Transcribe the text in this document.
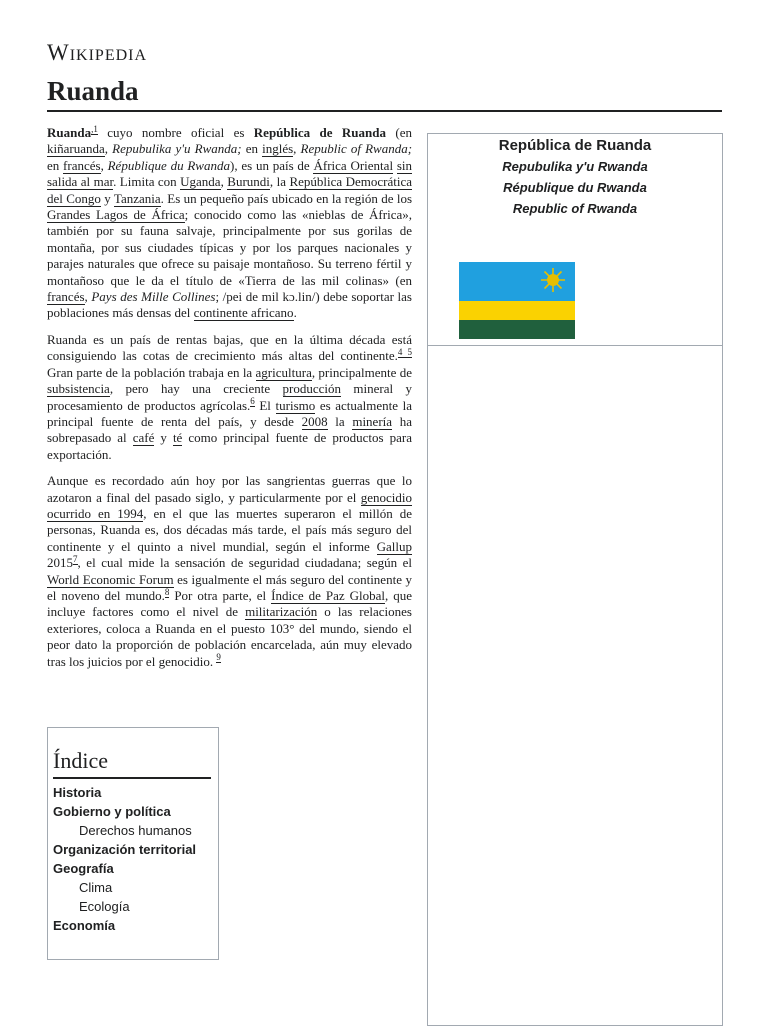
Wikipedia
Ruanda

Ruanda$^{,1}$ cuyo nombre oficial es República de Ruanda (en kiñaruanda, Repubulika y'u Rwanda; en inglés, Republic of Rwanda; en francés, République du Rwanda), es un país de África Oriental sin salida al mar. Limita con Uganda, Burundi, la República Democrática del Congo y Tanzania. Es un pequeño país ubicado en la región de los Grandes Lagos de África; conocido como las «nieblas de África», también por su fauna salvaje, principalmente por sus gorilas de montaña, por sus ciudades típicas y por los parques nacionales y parajes naturales que ofrece su paisaje montañoso. Su terreno fértil y montañoso que le da el título de «Tierra de las mil colinas» (en francés, Pays des Mille Collines; /pei de mil kɔ.lin/) debe soportar las poblaciones más densas del continente africano.

Ruanda es un país de rentas bajas, que en la última década está consiguiendo las cotas de crecimiento más altas del continente.$^{4 5}$ Gran parte de la población trabaja en la agricultura, principalmente de subsistencia, pero hay una creciente producción mineral y procesamiento de productos agrícolas.$^6$ El turismo es actualmente la principal fuente de renta del país, y desde 2008 la minería ha sobrepasado al café y té como principal fuente de productos para exportación.

Aunque es recordado aún hoy por las sangrientas guerras que lo azotaron a final del pasado siglo, y particularmente por el genocidio ocurrido en 1994, en el que las muertes superaron el millón de personas, Ruanda es, dos décadas más tarde, el país más seguro del continente y el quinto a nivel mundial, según el informe Gallup 2015$^7$, el cual mide la sensación de seguridad ciudadana; según el World Economic Forum es igualmente el más seguro del continente y el noveno del mundo.$^8$ Por otra parte, el Índice de Paz Global, que incluye factores como el nivel de militarización o las relaciones exteriores, coloca a Ruanda en el puesto 103° del mundo, siendo el peor dato la proporción de población encarcelada, aún muy elevado tras los juicios por el genocidio. $^9$

Índice
Historia
Gobierno y política
Derechos humanos
Organización territorial
Geografía
Clima
Ecología
Economía
República de Ruanda
Repubulika y'u Rwanda
République du Rwanda
Republic of Rwanda
